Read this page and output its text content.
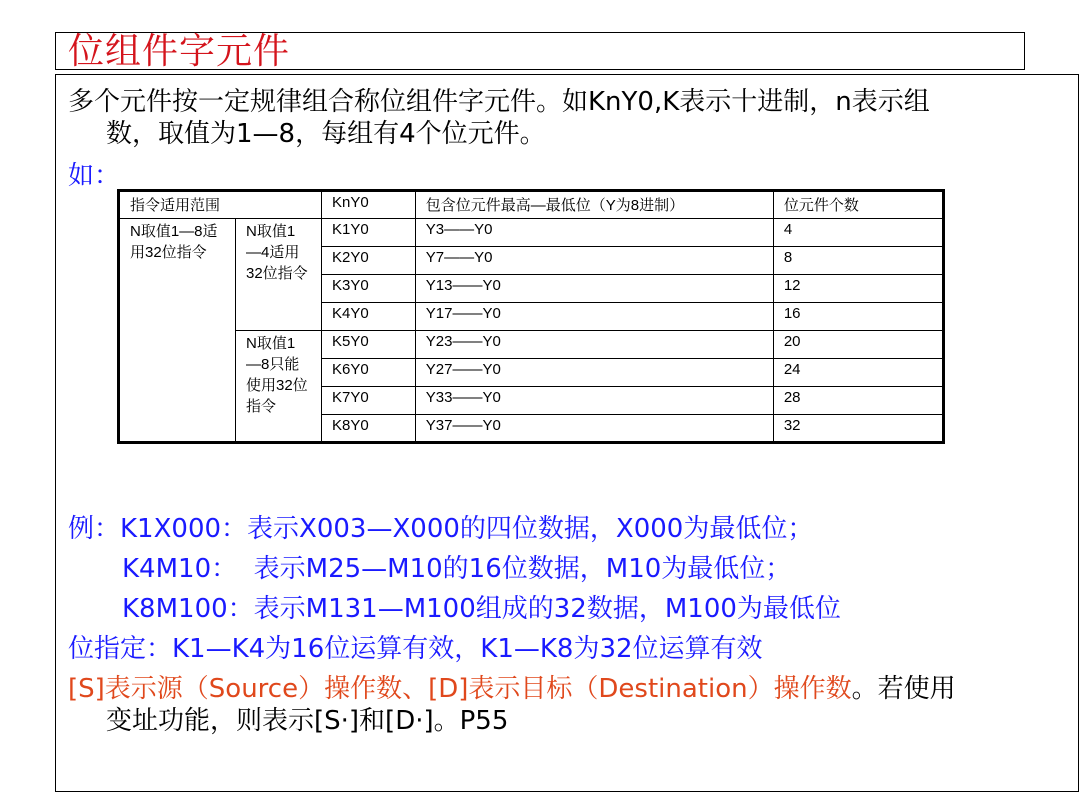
位组件字元件
多个元件按一定规律组合称位组件字元件。如KnY0,K表示十进制，n表示组
数，取值为1—8，每组有4个位元件。
如：
指令适用范围		KnY0	包含位元件最高—最低位（Y为8进制）	位元件个数

N取值1—8适用32位指令	N取值1—4适用32位指令	K1Y0	Y3——Y0	4
		K2Y0	Y7——Y0	8
		K3Y0	Y13——Y0	12
		K4Y0	Y17——Y0	16

	N取值1—8只能使用32位指令	K5Y0	Y23——Y0	20
		K6Y0	Y27——Y0	24
		K7Y0	Y33——Y0	28
		K8Y0	Y37——Y0	32
例：K1X000：表示X003—X000的四位数据，X000为最低位；
K4M10：  表示M25—M10的16位数据，M10为最低位；
K8M100：表示M131—M100组成的32数据，M100为最低位
位指定：K1—K4为16位运算有效，K1—K8为32位运算有效
[S]表示源（Source）操作数、[D]表示目标（Destination）操作数。若使用
变址功能，则表示[S·]和[D·]。P55
